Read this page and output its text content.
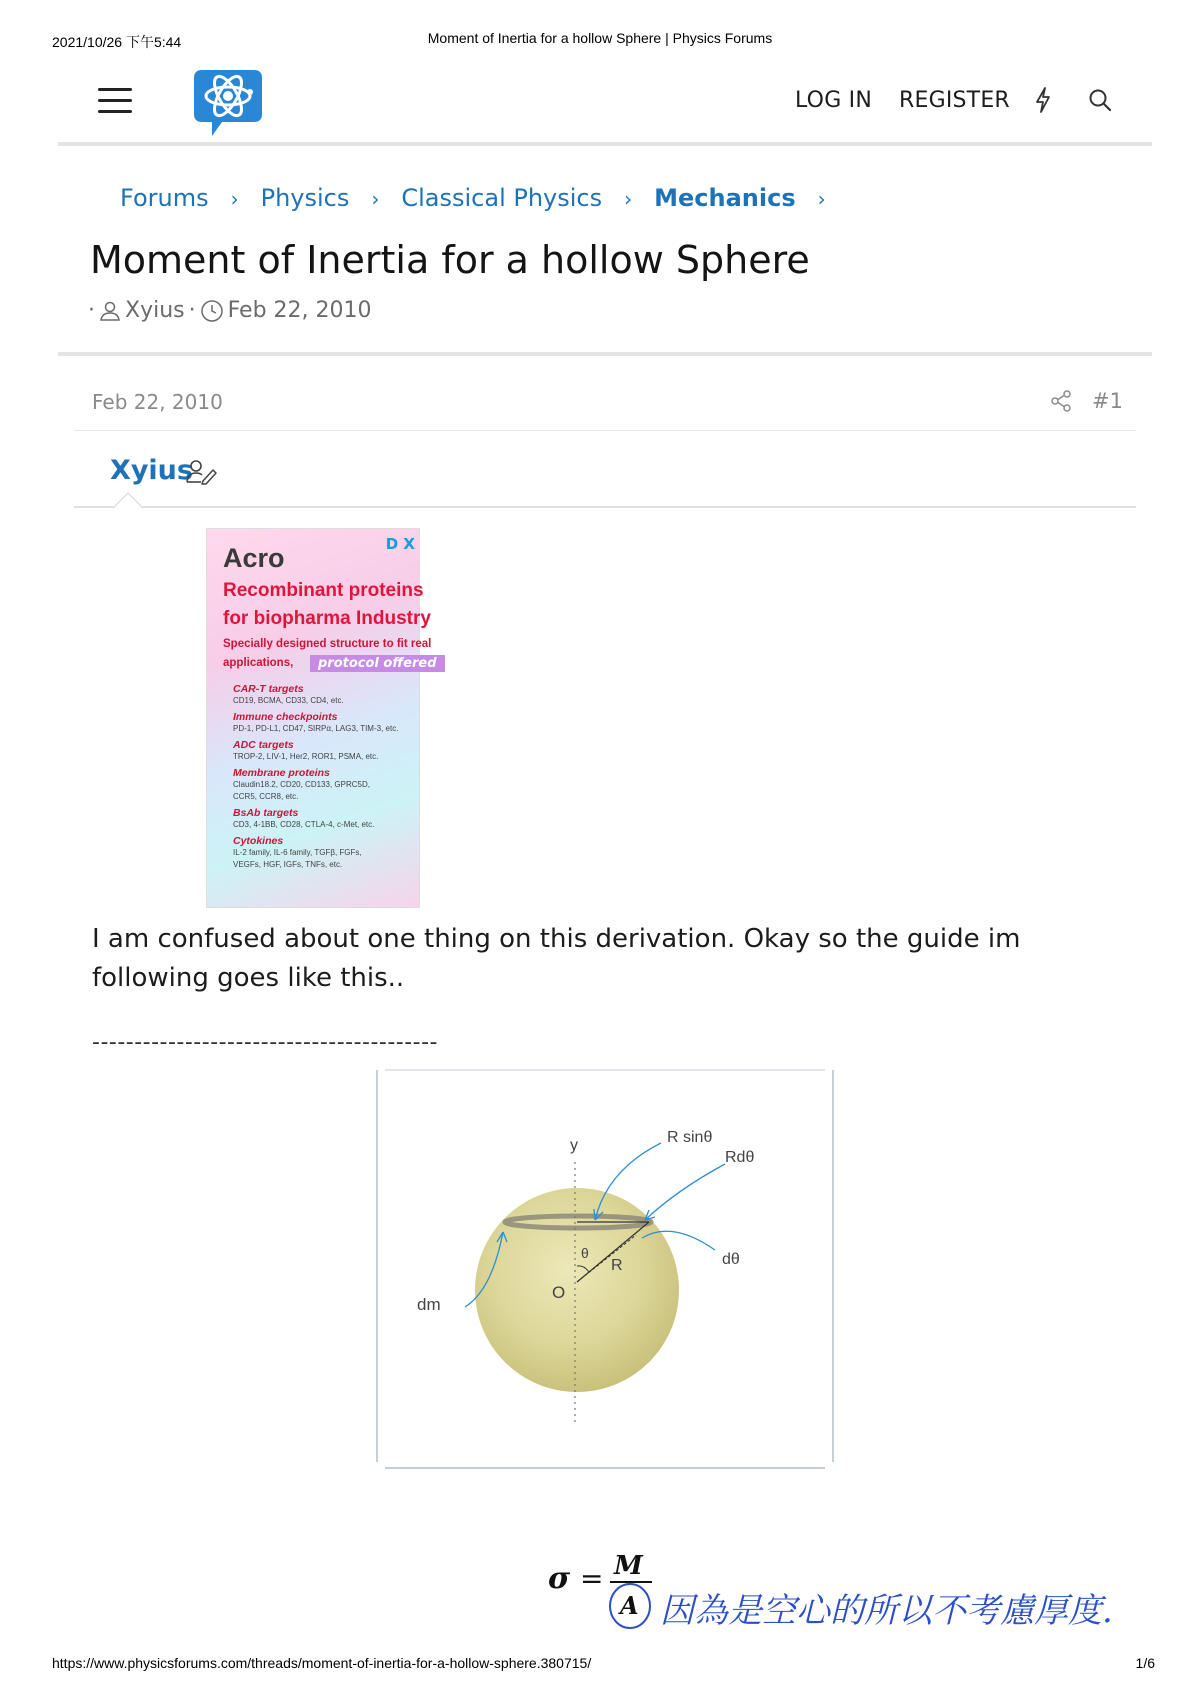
2021/10/26 下午5:44	Moment of Inertia for a hollow Sphere | Physics Forums
https://www.physicsforums.com/threads/moment-of-inertia-for-a-hollow-sphere.380715/	1/6
LOG IN REGISTER
Forums › Physics › Classical Physics › Mechanics ›
Moment of Inertia for a hollow Sphere
· Xyius · Feb 22, 2010
Feb 22, 2010	#1
Xyius
Acro	D X
Recombinant proteins
for biopharma Industry
Specially designed structure to fit real
applications,	protocol offered
CAR-T targets
CD19, BCMA, CD33, CD4, etc.
Immune checkpoints
PD-1, PD-L1, CD47, SIRPα, LAG3, TIM-3, etc.
ADC targets
TROP-2, LIV-1, Her2, ROR1, PSMA, etc.
Membrane proteins
Claudin18.2, CD20, CD133, GPRC5D,
CCR5, CCR8, etc.
BsAb targets
CD3, 4-1BB, CD28, CTLA-4, c-Met, etc.
Cytokines
IL-2 family, IL-6 family, TGFβ, FGFs,
VEGFs, HGF, IGFs, TNFs, etc.

I am confused about one thing on this derivation. Okay so the guide im following goes like this..

-----------------------------------------
y	R sinθ
Rdθ
dθ
θ
R
O
dm
σ = M
A 因為是空心的所以不考慮厚度.
